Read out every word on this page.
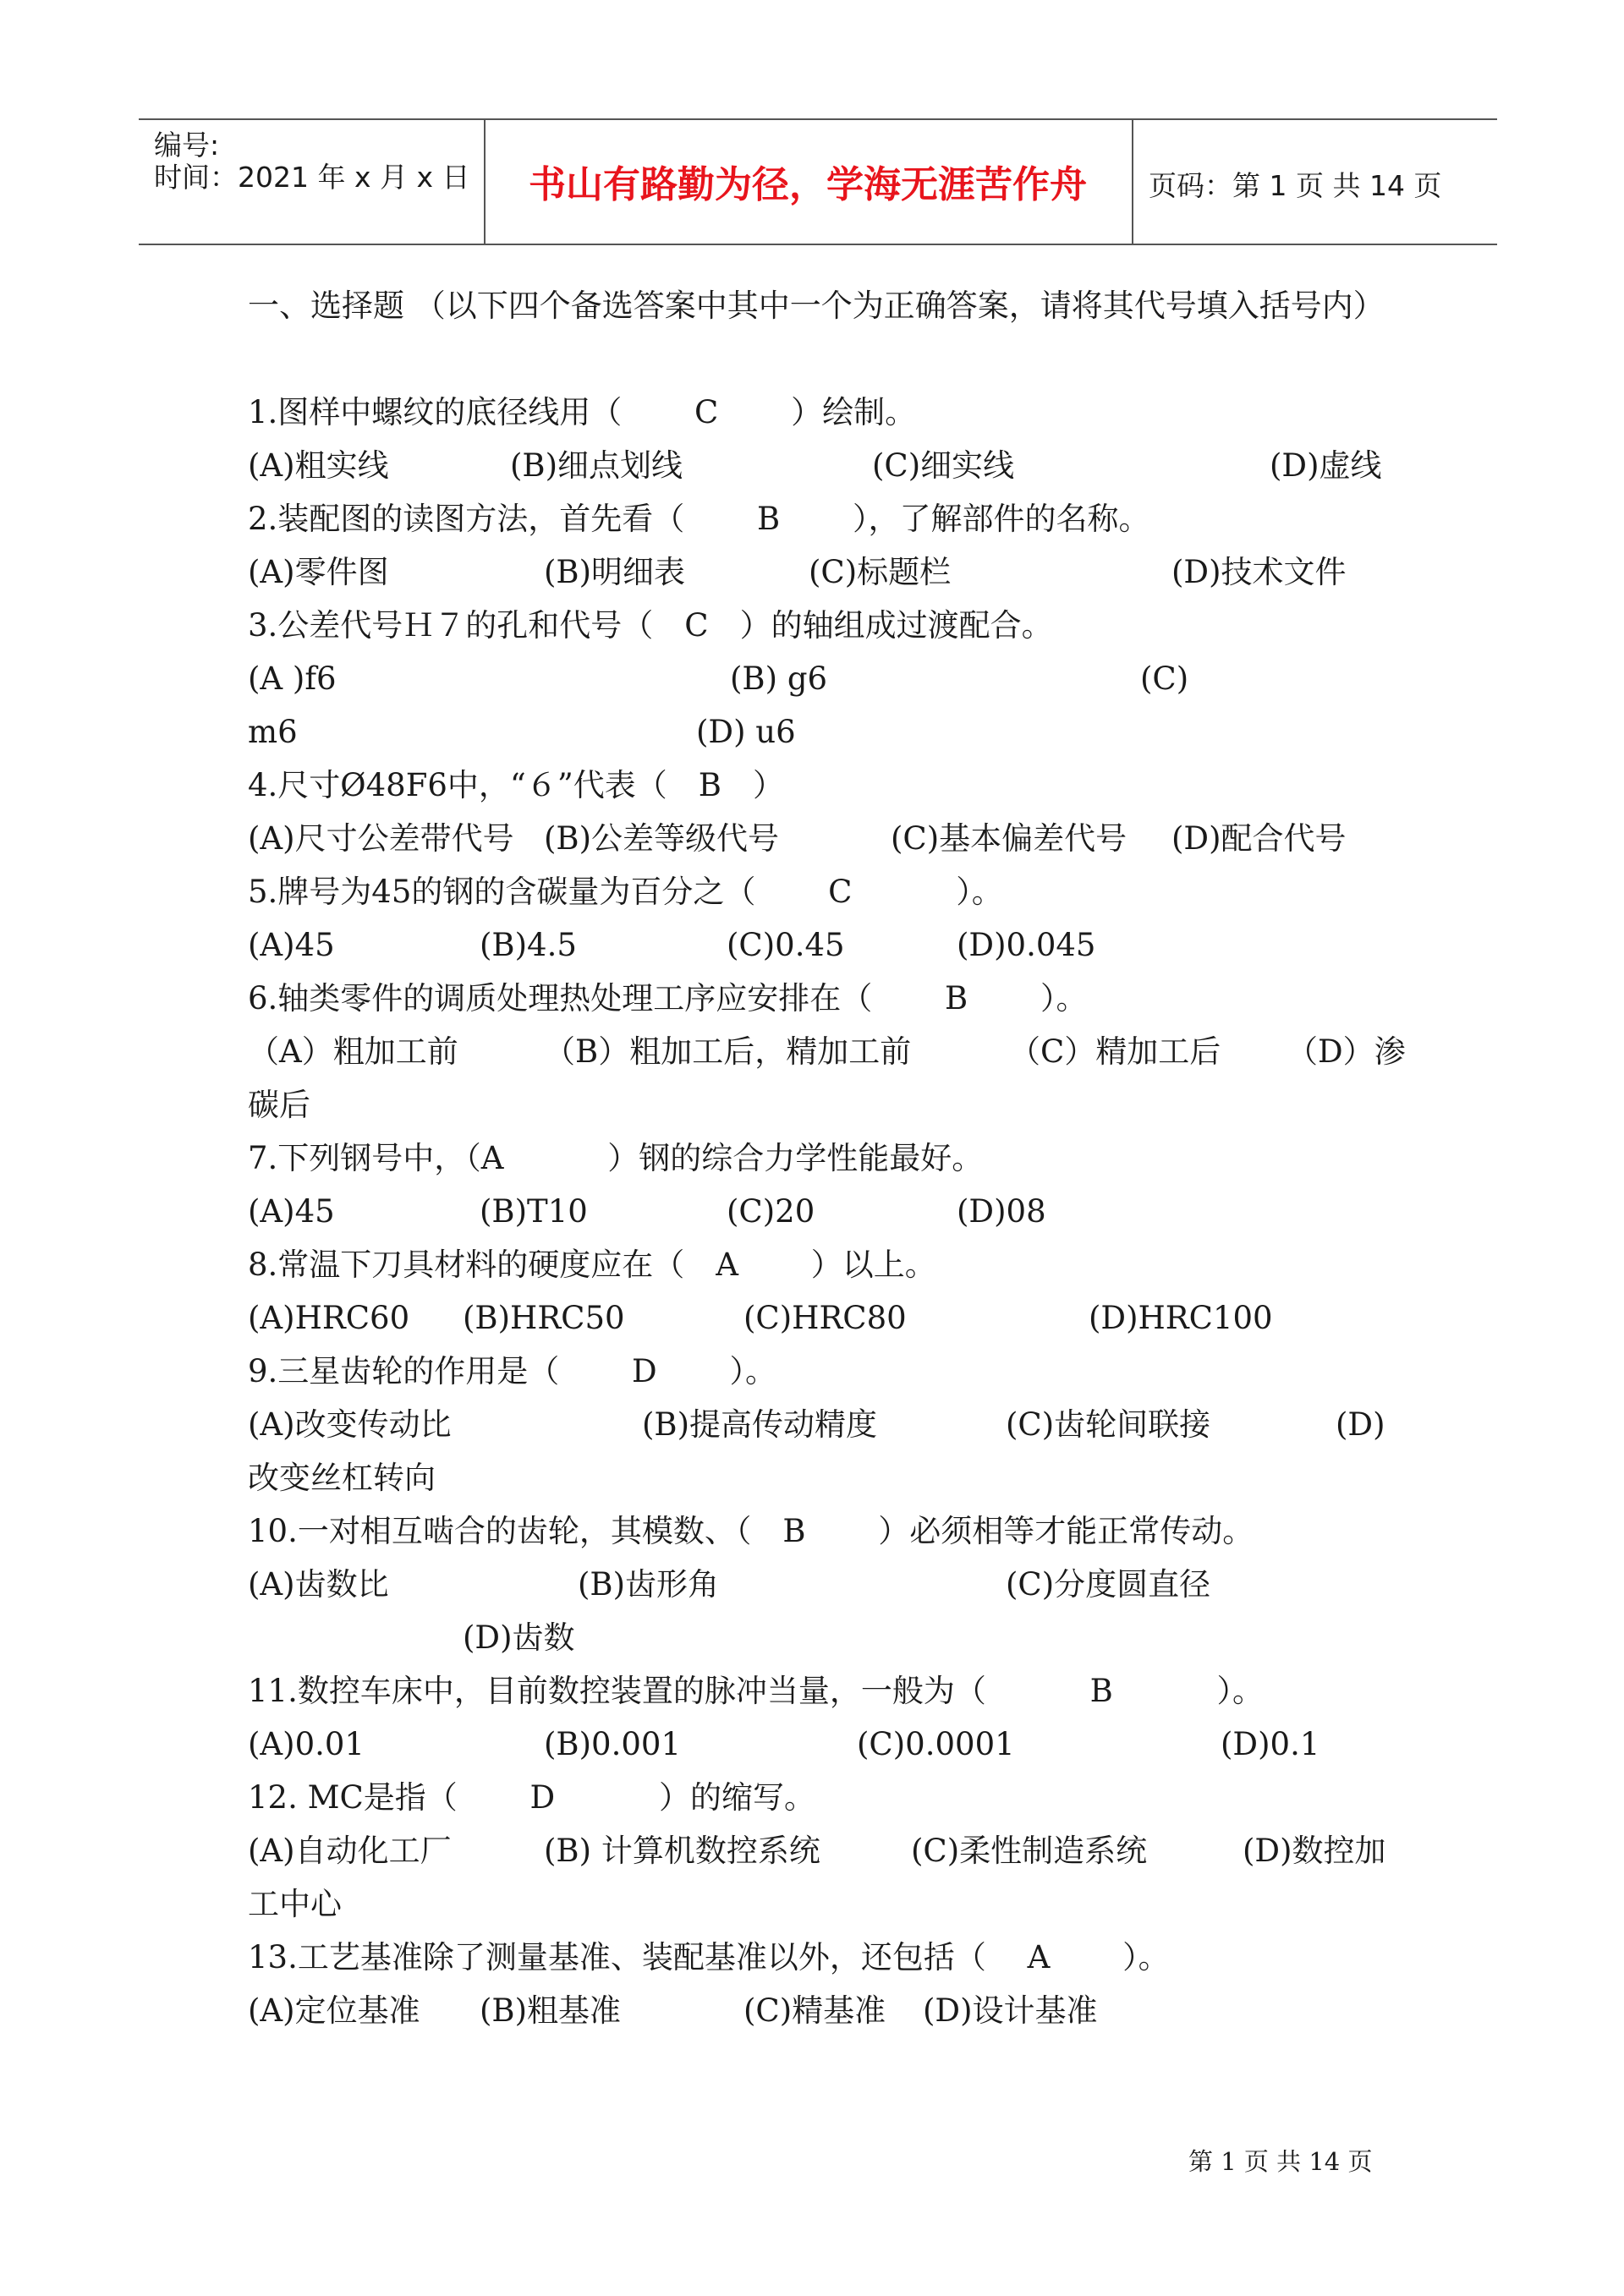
编号:
时间：2021 年 x 月 x 日	书山有路勤为径，学海无涯苦作舟	页码：第 1 页 共 14 页
一、选择题 （以下四个备选答案中其中一个为正确答案，请将其代号填入括号内）
1.图样中螺纹的底径线用（　　 C　　 ）绘制。
(A)粗实线	(B)细点划线	(C)细实线	(D)虚线
2.装配图的读图方法，首先看（　　 B　　 ），了解部件的名称。
(A)零件图	(B)明细表	(C)标题栏	(D)技术文件
3.公差代号Ｈ７的孔和代号（　C　）的轴组成过渡配合。
(A )f6	(B) g6	(C)
m6	(D) u6
4.尺寸Ø48F6中，“６”代表（　B　）
(A)尺寸公差带代号 (B)公差等级代号	(C)基本偏差代号 (D)配合代号
5.牌号为45的钢的含碳量为百分之（　　 C　　　 ）。
(A)45	(B)4.5	(C)0.45	(D)0.045
6.轴类零件的调质处理热处理工序应安排在（　　 B　　 ）。
（A）粗加工前	（B）粗加工后，精加工前	（C）精加工后 （D）渗
碳后
7.下列钢号中，（A　　　 ）钢的综合力学性能最好。
(A)45	(B)T10	(C)20	(D)08
8.常温下刀具材料的硬度应在（　A　　 ）以上。
(A)HRC60 (B)HRC50	(C)HRC80	(D)HRC100
9.三星齿轮的作用是（　　 D　　 ）。
(A)改变传动比	(B)提高传动精度	(C)齿轮间联接	(D)
改变丝杠转向
10.一对相互啮合的齿轮，其模数、（　B　　 ）必须相等才能正常传动。
(A)齿数比	(B)齿形角	(C)分度圆直径
(D)齿数
11.数控车床中，目前数控装置的脉冲当量，一般为（　　　 B　　　 ）。
(A)0.01	(B)0.001	(C)0.0001	(D)0.1
12. MC是指（　　 D　　　 ）的缩写。
(A)自动化工厂	(B) 计算机数控系统	(C)柔性制造系统	(D)数控加
工中心
13.工艺基准除了测量基准、装配基准以外，还包括（　 A　　 ）。
(A)定位基准 (B)粗基准	(C)精基准 (D)设计基准
第 1 页 共 14 页
